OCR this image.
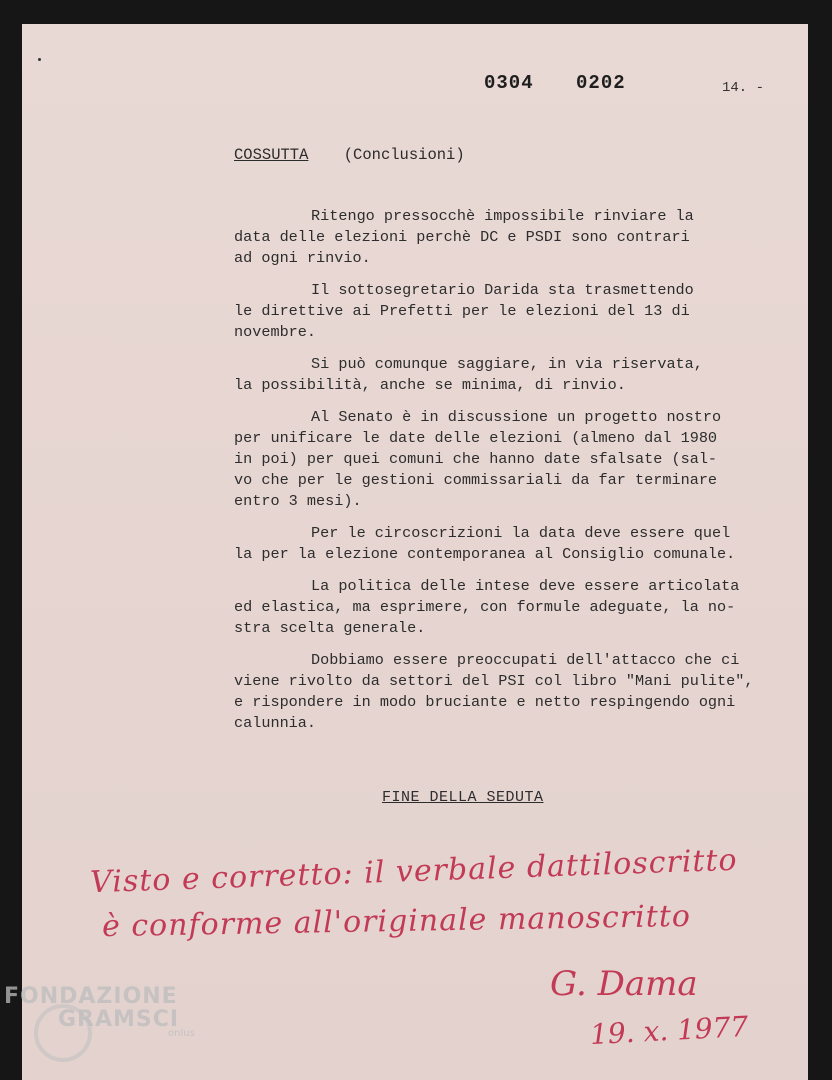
0304 0202	14. -
COSSUTTA (Conclusioni)

Ritengo pressocchè impossibile rinviare la
data delle elezioni perchè DC e PSDI sono contrari
ad ogni rinvio.

Il sottosegretario Darida sta trasmettendo
le direttive ai Prefetti per le elezioni del 13 di
novembre.

Si può comunque saggiare, in via riservata,
la possibilità, anche se minima, di rinvio.

Al Senato è in discussione un progetto nostro
per unificare le date delle elezioni (almeno dal 1980
in poi) per quei comuni che hanno date sfalsate (sal-
vo che per le gestioni commissariali da far terminare
entro 3 mesi).

Per le circoscrizioni la data deve essere quel
la per la elezione contemporanea al Consiglio comunale.

La politica delle intese deve essere articolata
ed elastica, ma esprimere, con formule adeguate, la no-
stra scelta generale.

Dobbiamo essere preoccupati dell'attacco che ci
viene rivolto da settori del PSI col libro "Mani pulite",
e rispondere in modo bruciante e netto respingendo ogni
calunnia.

FINE DELLA SEDUTA
Visto e corretto: il verbale dattiloscritto
è conforme all'originale manoscritto
G. Dama
19. x. 1977
FONDAZIONE
GRAMSCI
onlus
